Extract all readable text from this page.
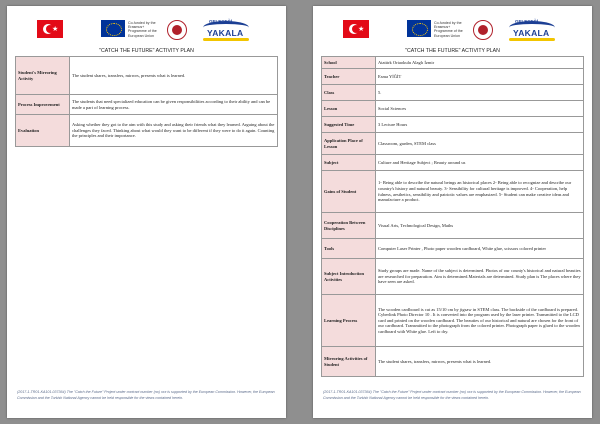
★
Co-funded by the Erasmus+ Programme of the European Union
GELECEĞİ
YAKALA
"CATCH THE FUTURE" ACTIVITY PLAN
Student's Mirroring Activity	The student shares, transfers, mirrors, presents what is learned.
Process Improvement	The students that need specialized education can be given responsibilities according to their ability and can be made a part of learning process.
Evaluation	Asking whether they got to the aim with this study and asking their friends what they learned. Arguing about the challenges they faced. Thinking about what would they want to be different if they were to do it again. Counting the principles and their importance.
(2017-1-TR01-KA101-037364) The "Catch the Future" Project under contract number (no) xxx is supported by the European Commission. However, the European Commission and the Turkish National Agency cannot be held responsible for the views contained herein.
★
Co-funded by the Erasmus+ Programme of the European Union
GELECEĞİ
YAKALA
"CATCH THE FUTURE" ACTIVITY PLAN
School	Atatürk Ortaokulu Alaglı İzmir
Teacher	Esma YİĞİT
Class	5.
Lesson	Social Sciences
Suggested Time	3 Lecture Hours
Application Place of Lesson	Classroom, garden, STEM class
Subject	Culture and Heritage Subject ; Beauty around us
Gains of Student	1- Being able to describe the natural beings an historical places 2- Being able to recognize and describe our country's history and natural beauty. 3- Sensibility for cultural heritage is improved. 4- Cooperation, help fulness, aesthetics, sensibility and patriotic values are emphasized. 5- Student can make creative ideas and manufacture a product.
Cooperation Between Disciplines	Visual Arts, Technological Design, Maths
Tools	Computer Laser Printer , Photo paper wooden cardboard, White glue, scissors colored printer
Subject Introduction Activities	Study groups are made. Name of the subject is determined. Photos of our county's historical and natural beauties are researched for preparation. Aim is determined.Materials are determined. Study plan is The places where they have seen are asked.
Learning Process	The wooden cardboard is cut as 15/10 cm by jigsaw in STEM class. The backside of the cardboard is prepared. Cyberlink Photo Director 10 . It is converted into the program used by the laser printer. Transmitted to the LCD card and printed on the wooden cardboard. The beauties of our historical and natural are chosen for the front of our cardboard. Transmitted to the photograph from the colored printer. Photograph paper is glued to the wooden cardboard with White glue. Left to dry.
Mirroring Activities of Student	The student shares, transfers, mirrors, presents what is learned.
(2017-1-TR01-KA101-037364) The "Catch the Future" Project under contract number (no) xxx is supported by the European Commission. However, the European Commission and the Turkish National Agency cannot be held responsible for the views contained herein.
